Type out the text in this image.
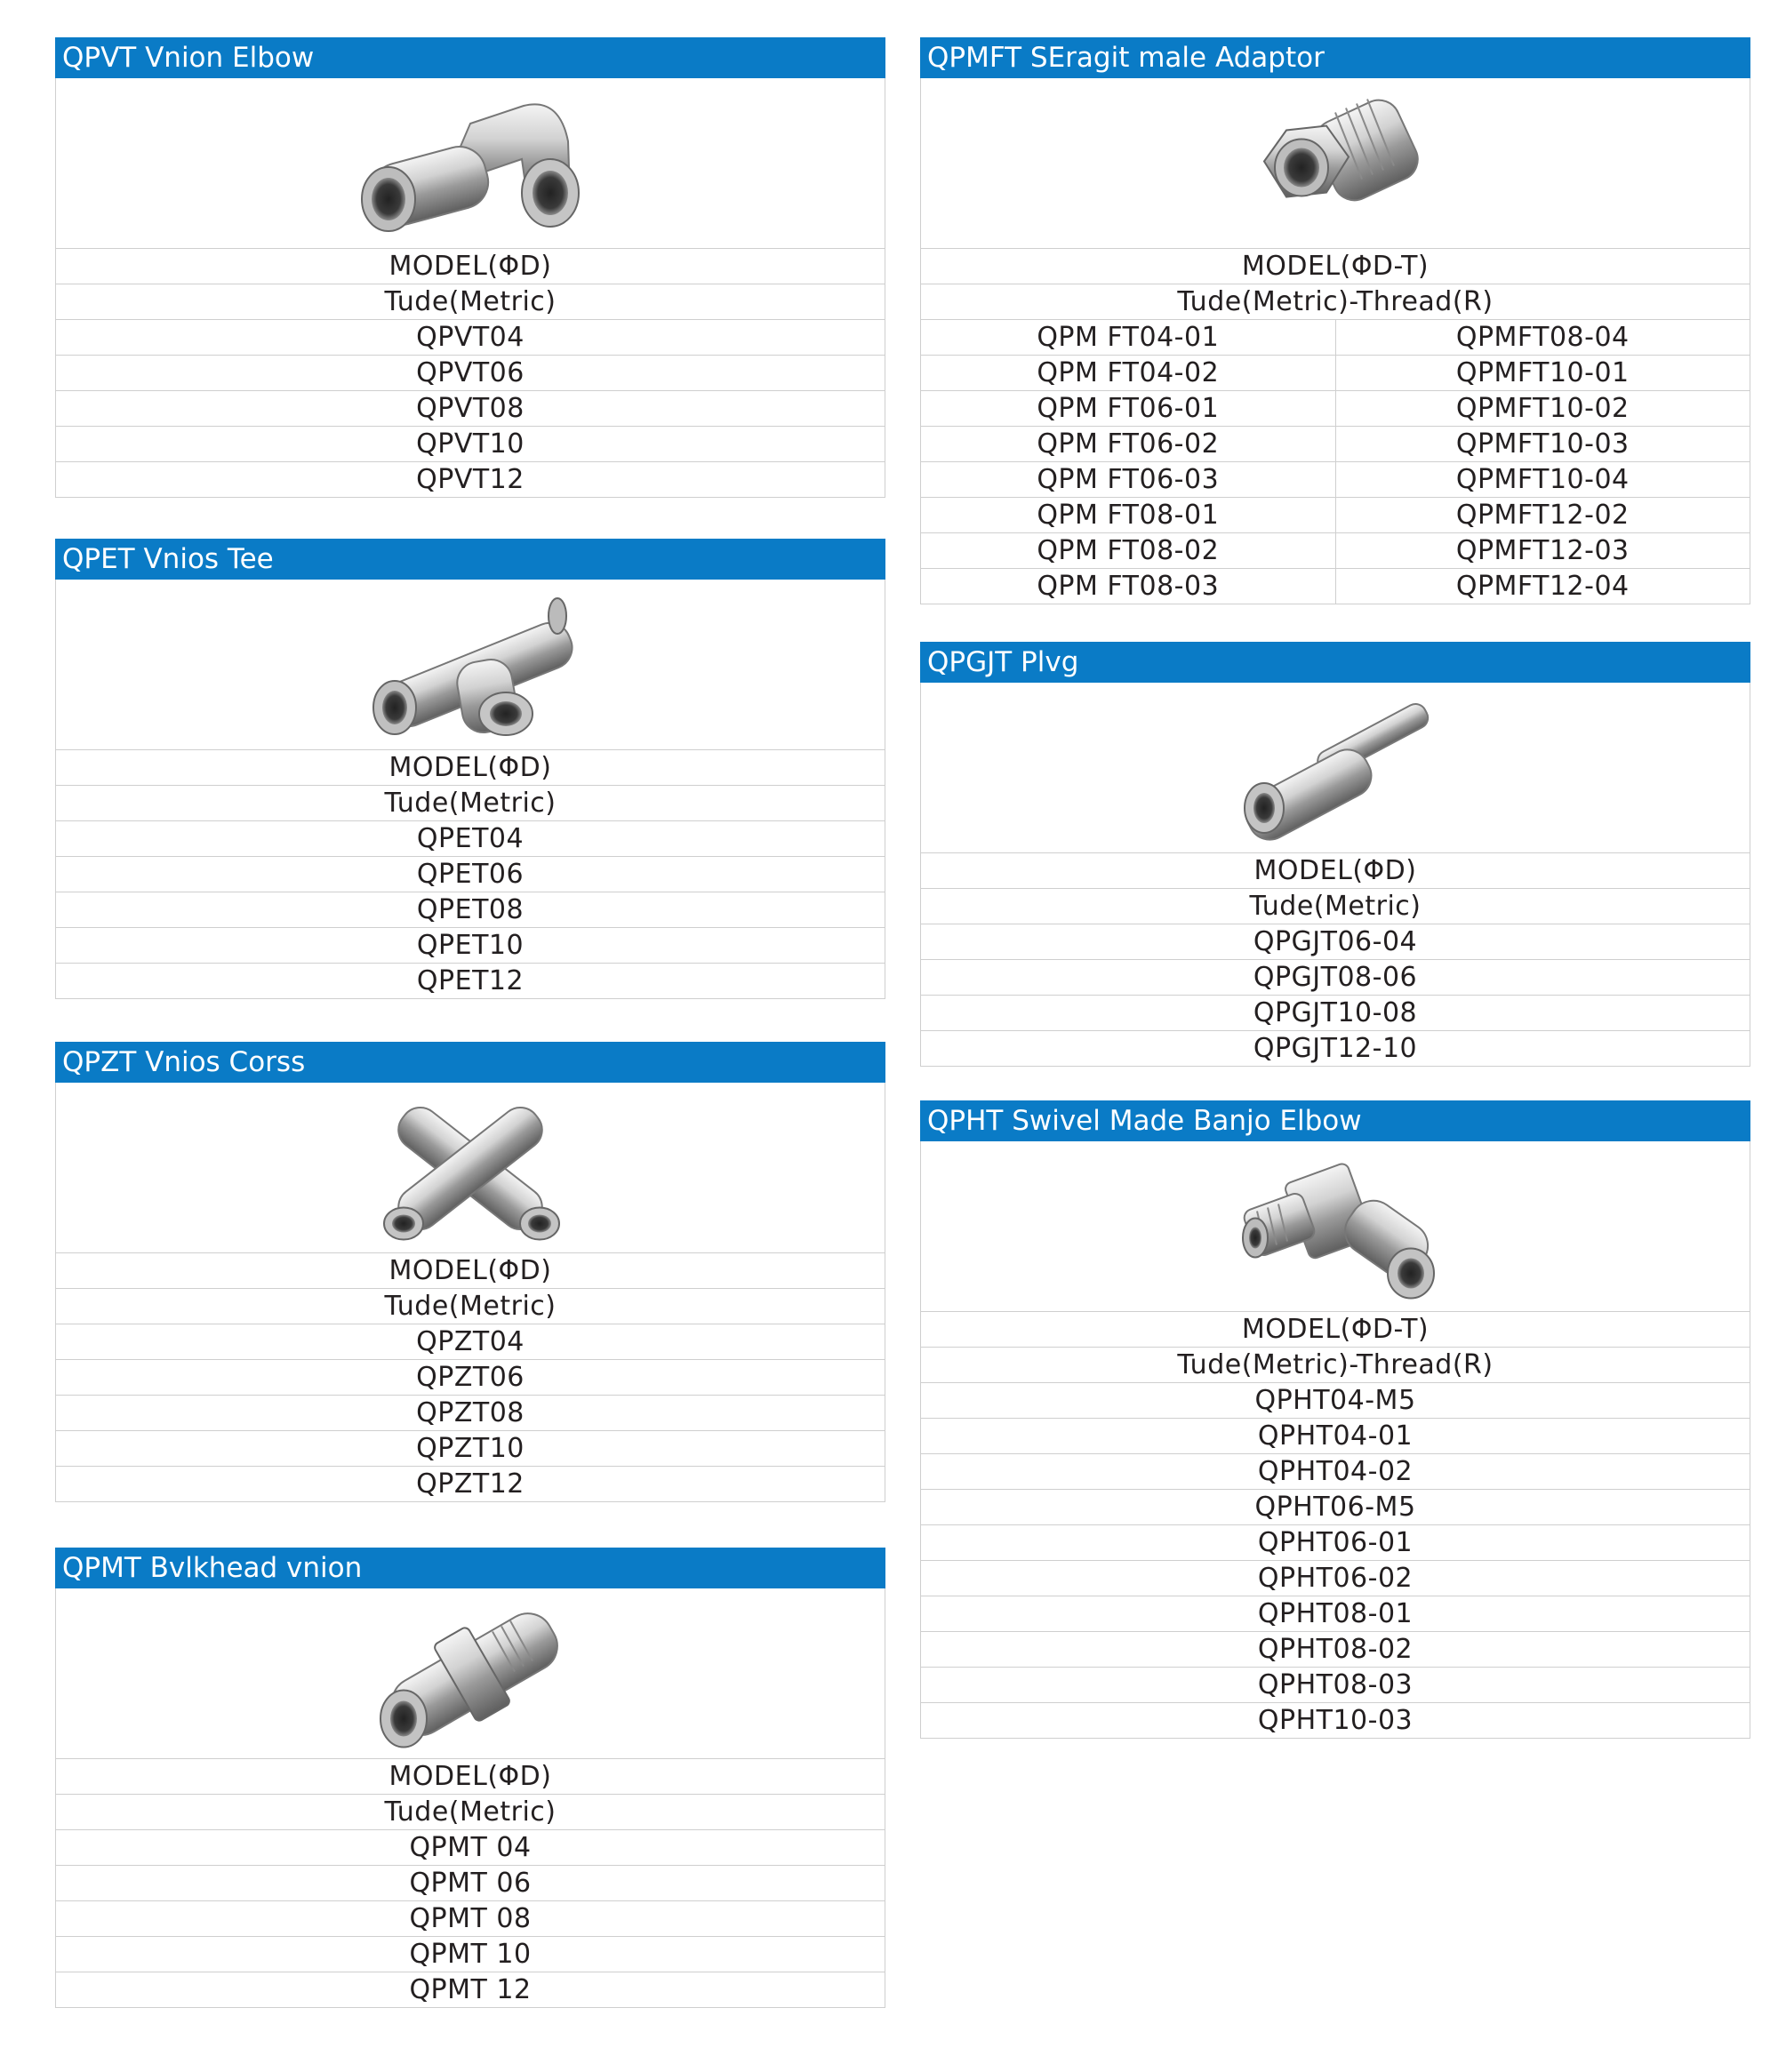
QPVT Vnion Elbow
MODEL(ΦD)
Tude(Metric)
QPVT04
QPVT06
QPVT08
QPVT10
QPVT12
QPET Vnios Tee
MODEL(ΦD)
Tude(Metric)
QPET04
QPET06
QPET08
QPET10
QPET12
QPZT Vnios Corss
MODEL(ΦD)
Tude(Metric)
QPZT04
QPZT06
QPZT08
QPZT10
QPZT12
QPMT Bvlkhead vnion
MODEL(ΦD)
Tude(Metric)
QPMT 04
QPMT 06
QPMT 08
QPMT 10
QPMT 12
QPMFT SEragit male Adaptor
MODEL(ΦD-T)
Tude(Metric)-Thread(R)
QPM FT04-01	QPMFT08-04
QPM FT04-02	QPMFT10-01
QPM FT06-01	QPMFT10-02
QPM FT06-02	QPMFT10-03
QPM FT06-03	QPMFT10-04
QPM FT08-01	QPMFT12-02
QPM FT08-02	QPMFT12-03
QPM FT08-03	QPMFT12-04
QPGJT Plvg
MODEL(ΦD)
Tude(Metric)
QPGJT06-04
QPGJT08-06
QPGJT10-08
QPGJT12-10
QPHT Swivel Made Banjo Elbow
MODEL(ΦD-T)
Tude(Metric)-Thread(R)
QPHT04-M5
QPHT04-01
QPHT04-02
QPHT06-M5
QPHT06-01
QPHT06-02
QPHT08-01
QPHT08-02
QPHT08-03
QPHT10-03
